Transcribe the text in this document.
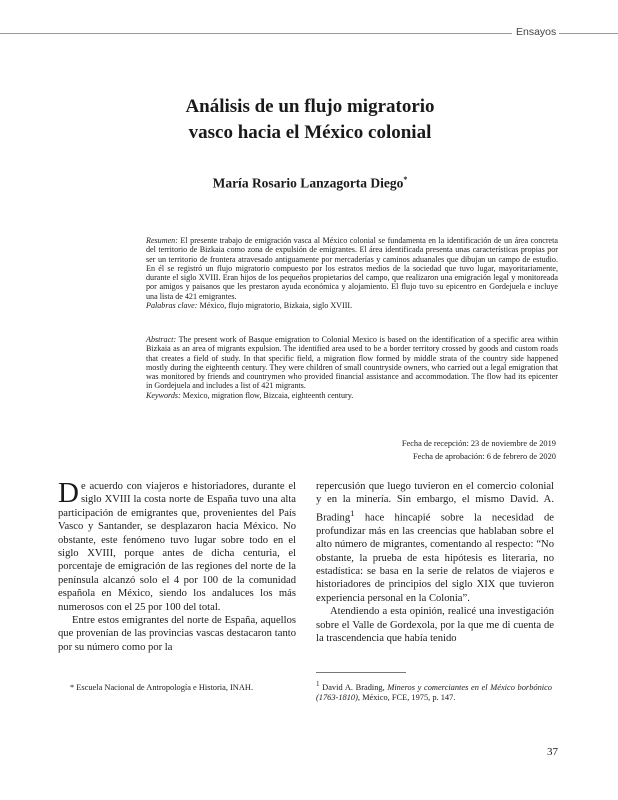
Ensayos
Análisis de un flujo migratorio
vasco hacia el México colonial
María Rosario Lanzagorta Diego*

Resumen: El presente trabajo de emigración vasca al México colonial se fundamenta en la identificación de un área concreta del territorio de Bizkaia como zona de expulsión de emigrantes. El área identificada presenta unas características propias por ser un territorio de frontera atravesado antiguamente por mercaderías y caminos aduanales que dibujan un campo de estudio. En él se registró un flujo migratorio compuesto por los estratos medios de la sociedad que tuvo lugar, mayoritariamente, durante el siglo XVIII. Eran hijos de los pequeños propietarios del campo, que realizaron una emigración legal y monitoreada por amigos y paisanos que les prestaron ayuda económica y alojamiento. El flujo tuvo su epicentro en Gordejuela e incluye una lista de 421 emigrantes.

Palabras clave: México, flujo migratorio, Bizkaia, siglo XVIII.

Abstract: The present work of Basque emigration to Colonial Mexico is based on the identification of a specific area within Bizkaia as an area of migrants expulsion. The identified area used to be a border territory crossed by goods and custom roads that creates a field of study. In that specific field, a migration flow formed by middle strata of the country side happened mostly during the eighteenth century. They were children of small countryside owners, who carried out a legal emigration that was monitored by friends and countrymen who provided financial assistance and accommodation. The flow had its epicenter in Gordejuela and includes a list of 421 migrants.

Keywords: Mexico, migration flow, Bizcaia, eighteenth century.

Fecha de recepción: 23 de noviembre de 2019
Fecha de aprobación: 6 de febrero de 2020

De acuerdo con viajeros e historiadores, durante el siglo XVIII la costa norte de España tuvo una alta participación de emigrantes que, provenientes del País Vasco y Santander, se desplazaron hacia México. No obstante, este fenómeno tuvo lugar sobre todo en el siglo XVIII, porque antes de dicha centuria, el porcentaje de emigración de las regiones del norte de la península alcanzó solo el 4 por 100 de la comunidad española en México, siendo los andaluces los más numerosos con el 25 por 100 del total.

Entre estos emigrantes del norte de España, aquellos que provenían de las provincias vascas destacaron tanto por su número como por la

repercusión que luego tuvieron en el comercio colonial y en la minería. Sin embargo, el mismo David. A. Brading$^1$ hace hincapié sobre la necesidad de profundizar más en las creencias que hablaban sobre el alto número de migrantes, comentando al respecto: “No obstante, la prueba de esta hipótesis es literaria, no estadística: se basa en la serie de relatos de viajeros e historiadores de principios del siglo XIX que tuvieron experiencia personal en la Colonia”.

Atendiendo a esta opinión, realicé una investigación sobre el Valle de Gordexola, por la que me di cuenta de la trascendencia que había tenido

* Escuela Nacional de Antropología e Historia, INAH.	$^1$ David A. Brading, Mineros y comerciantes en el México borbónico (1763-1810), México, FCE, 1975, p. 147.
37
